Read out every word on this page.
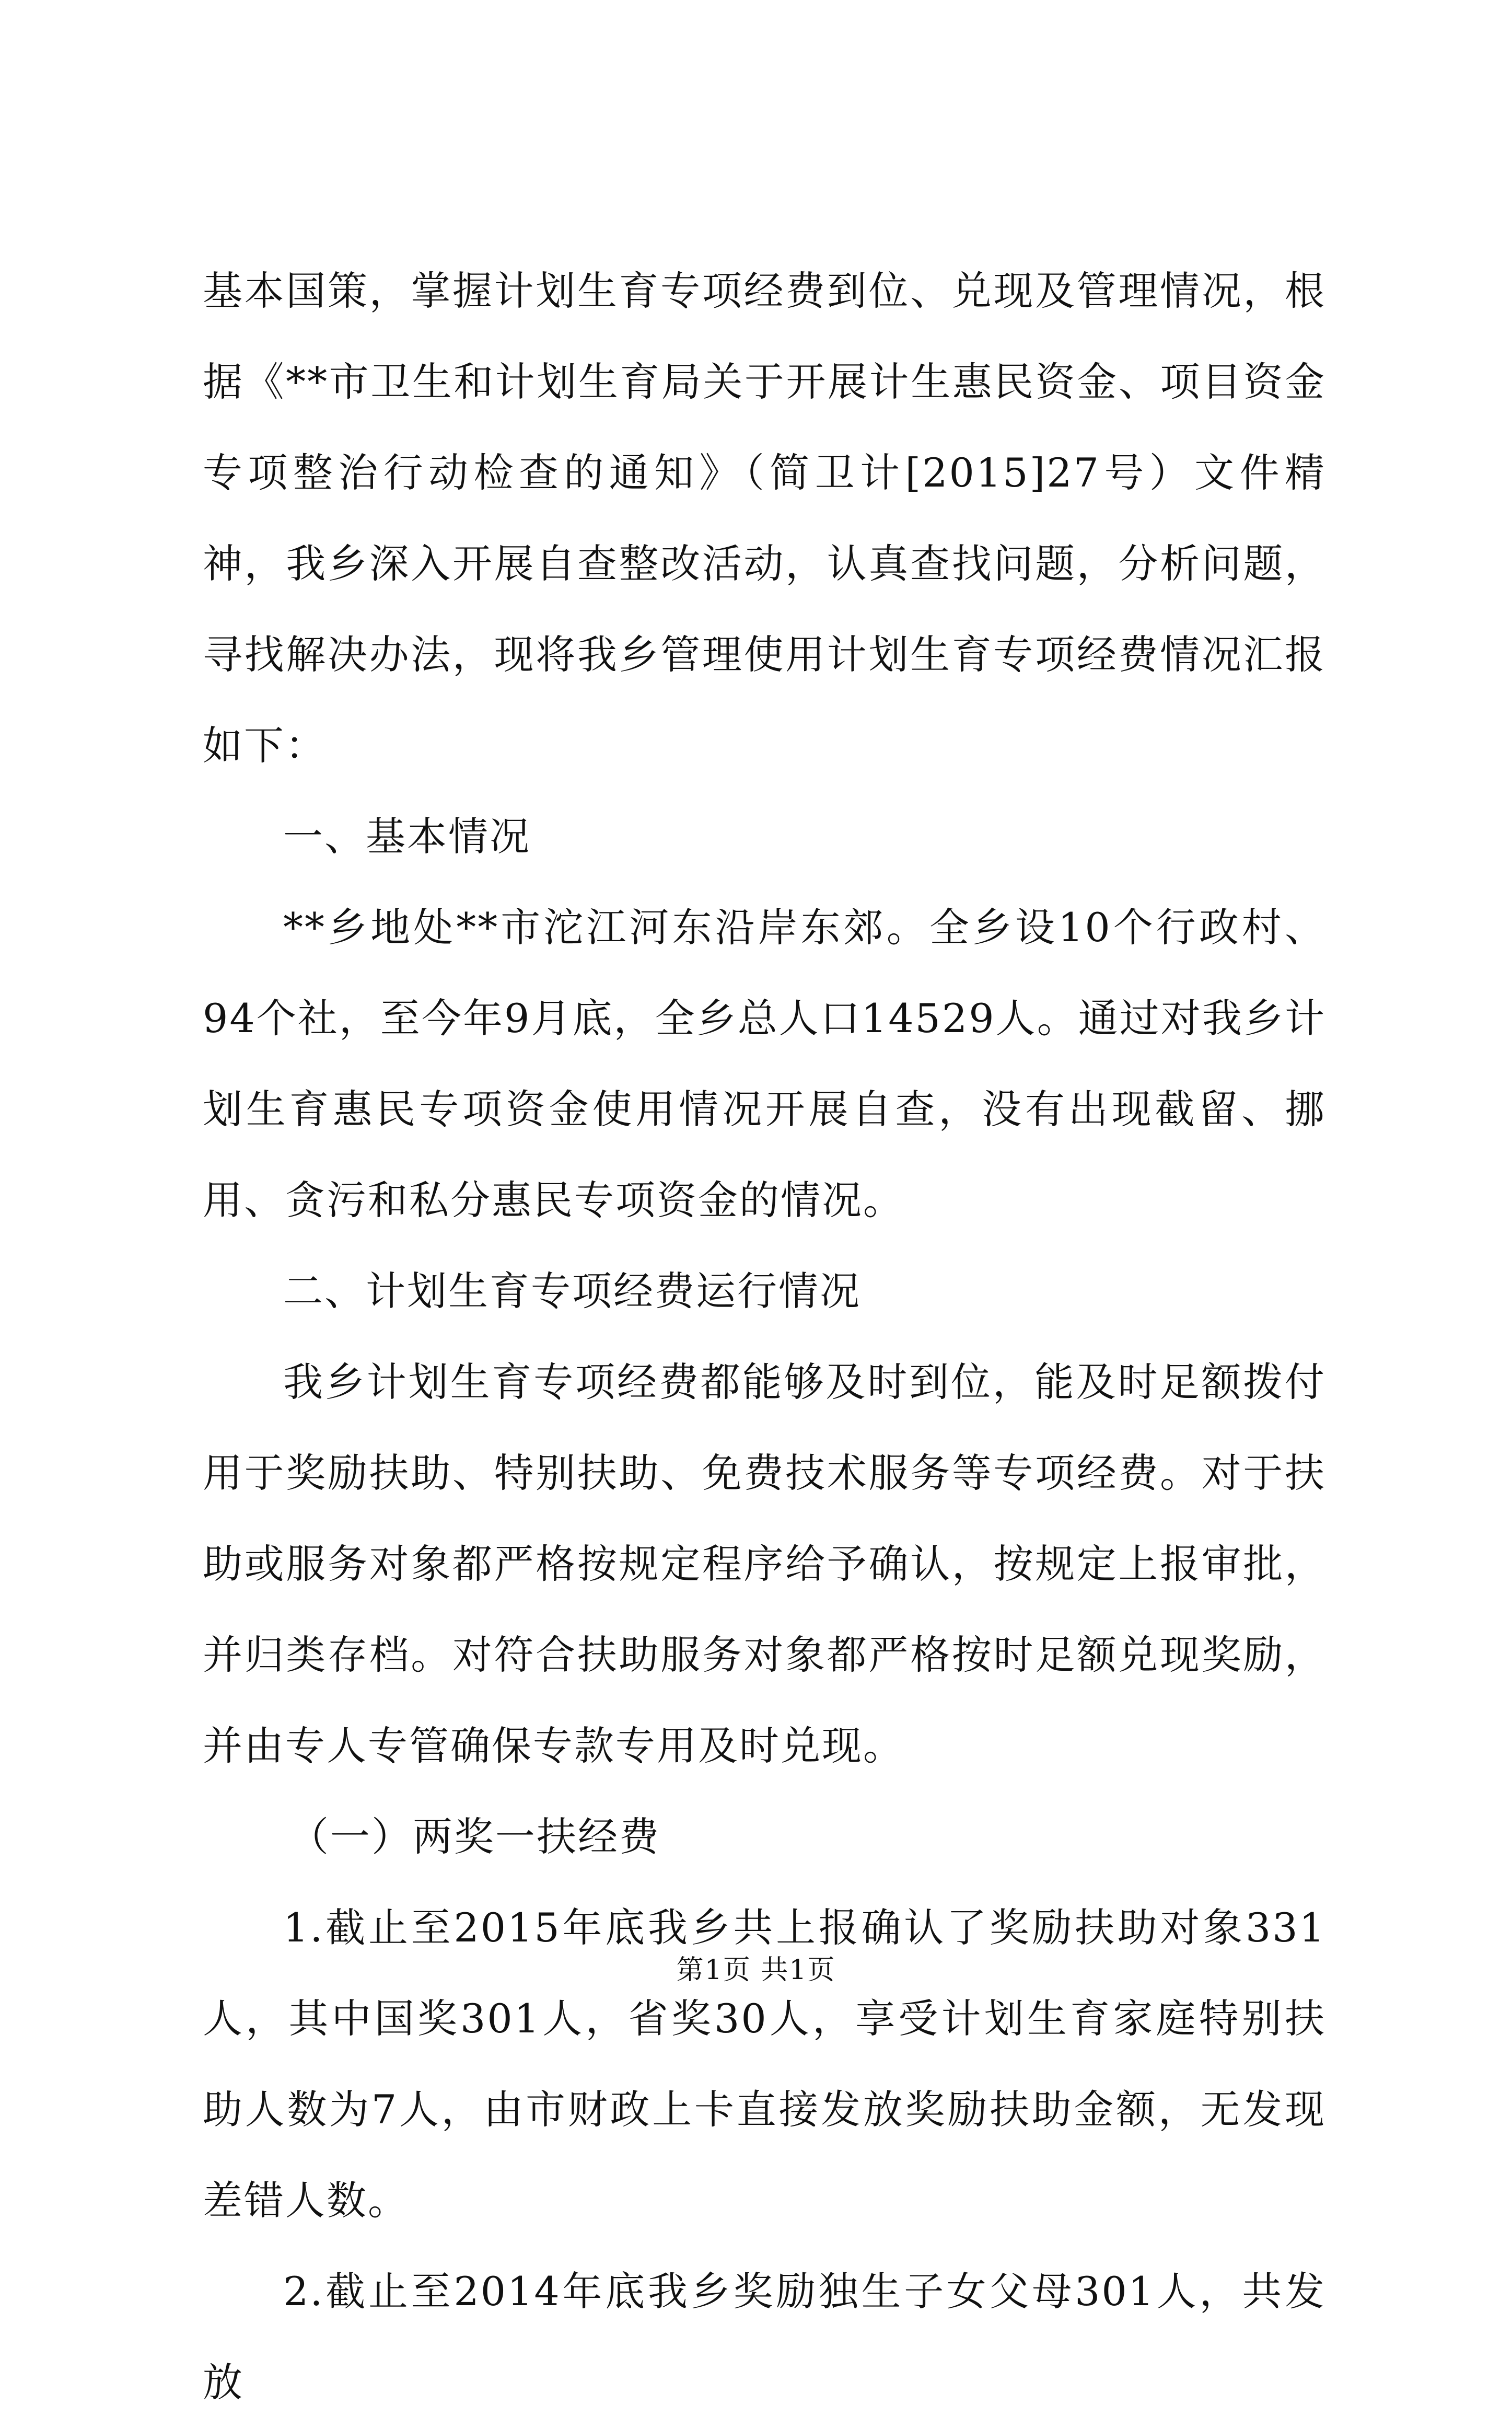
基本国策，掌握计划生育专项经费到位、兑现及管理情况，根据《**市卫生和计划生育局关于开展计生惠民资金、项目资金专项整治行动检查的通知》（简卫计[2015]27号）文件精神，我乡深入开展自查整改活动，认真查找问题，分析问题，寻找解决办法，现将我乡管理使用计划生育专项经费情况汇报如下：

一、基本情况

**乡地处**市沱江河东沿岸东郊。全乡设10个行政村、94个社，至今年9月底，全乡总人口14529人。通过对我乡计划生育惠民专项资金使用情况开展自查，没有出现截留、挪用、贪污和私分惠民专项资金的情况。

二、计划生育专项经费运行情况

我乡计划生育专项经费都能够及时到位，能及时足额拨付用于奖励扶助、特别扶助、免费技术服务等专项经费。对于扶助或服务对象都严格按规定程序给予确认，按规定上报审批，并归类存档。对符合扶助服务对象都严格按时足额兑现奖励，并由专人专管确保专款专用及时兑现。

（一）两奖一扶经费

1.截止至2015年底我乡共上报确认了奖励扶助对象331人，其中国奖301人，省奖30人，享受计划生育家庭特别扶助人数为7人，由市财政上卡直接发放奖励扶助金额，无发现差错人数。

2.截止至2014年底我乡奖励独生子女父母301人，共发放

第1页 共1页
